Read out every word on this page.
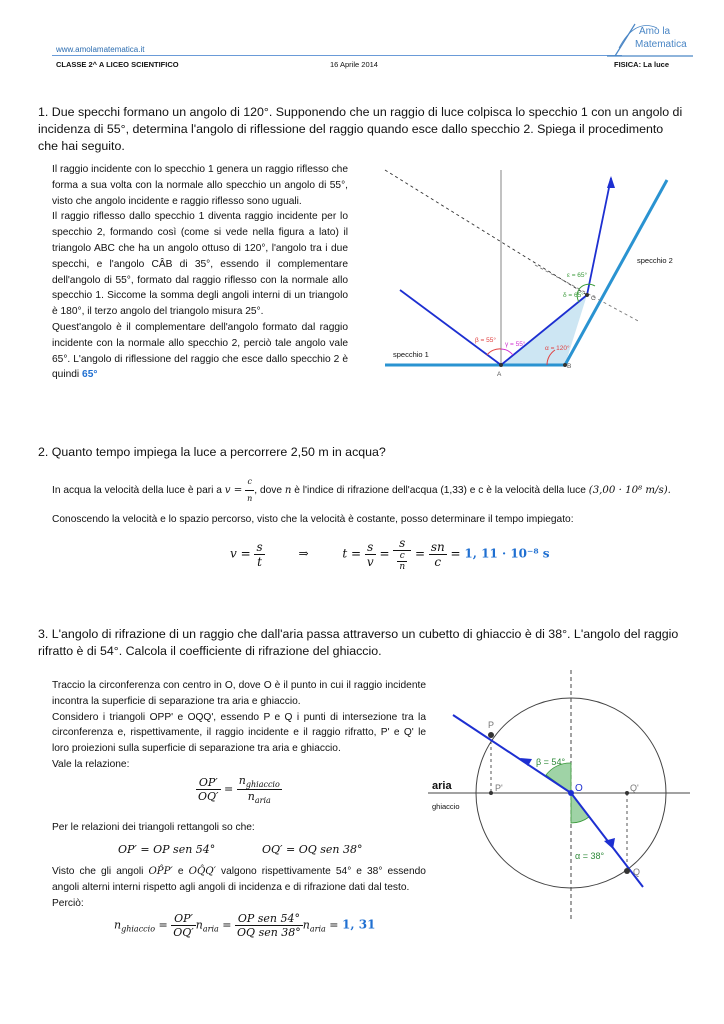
www.amolamatematica.it
Amo la
Matematica
CLASSE 2^ A LICEO SCIENTIFICO	16 Aprile 2014	FISICA: La luce
1. Due specchi formano un angolo di 120°. Supponendo che un raggio di luce colpisca lo specchio 1 con un angolo di incidenza di 55°, determina l'angolo di riflessione del raggio quando esce dallo specchio 2. Spiega il procedimento che hai seguito.
Il raggio incidente con lo specchio 1 genera un raggio riflesso che forma a sua volta con la normale allo specchio un angolo di 55°, visto che angolo incidente e raggio riflesso sono uguali.
Il raggio riflesso dallo specchio 1 diventa raggio incidente per lo specchio 2, formando così (come si vede nella figura a lato) il triangolo ABC che ha un angolo ottuso di 120°, l'angolo tra i due specchi, e l'angolo CÂB di 35°, essendo il complementare dell'angolo di 55°, formato dal raggio riflesso con la normale allo specchio 1. Siccome la somma degli angoli interni di un triangolo è 180°, il terzo angolo del triangolo misura 25°.
Quest'angolo è il complementare dell'angolo formato dal raggio incidente con la normale allo specchio 2, perciò tale angolo vale 65°. L'angolo di riflessione del raggio che esce dallo specchio 2 è quindi 65°
specchio 1
specchio 2
β = 55°
γ = 55°
α = 120°
ε = 65°
δ = 65°
A
B
C
2. Quanto tempo impiega la luce a percorrere 2,50 m in acqua?
In acqua la velocità della luce è pari a $v = \frac{c}{n}$ , dove n è l'indice di rifrazione dell'acqua (1,33) e c è la velocità della luce (3,00 · 10⁸ m/s).
Conoscendo la velocità e lo spazio percorso, visto che la velocità è costante, posso determinare il tempo impiegato:
$v = \frac{s}{t}$	⇒	$t = \frac{s}{v} = s$
c
$n = \frac{sn}{c} = 1$, 11 · 10⁻⁸ s
3. L'angolo di rifrazione di un raggio che dall'aria passa attraverso un cubetto di ghiaccio è di 38°. L'angolo del raggio rifratto è di 54°. Calcola il coefficiente di rifrazione del ghiaccio.
Traccio la circonferenza con centro in O, dove O è il punto in cui il raggio incidente incontra la superficie di separazione tra aria e ghiaccio.
Considero i triangoli OPP' e OQQ', essendo P e Q i punti di intersezione tra la circonferenza e, rispettivamente, il raggio incidente e il raggio rifratto, P' e Q' le loro proiezioni sulla superficie di separazione tra aria e ghiaccio.
Vale la relazione:
$\frac{OP'}{OQ'} = \frac{n_{ghiaccio}}{n_{aria}}$
Per le relazioni dei triangoli rettangoli so che:
OP′ = OP sen 54°	OQ′ = OQ sen 38°
Visto che gli angoli OP̂P′ e OQ̂Q′ valgono rispettivamente 54° e 38° essendo angoli alterni interni rispetto agli angoli di incidenza e di rifrazione dati dal testo.
Perciò:
$n_{ghiaccio} = \frac{OP'}{OQ'} n_{aria} = \frac{\text{OP sen 54°}}{\text{OQ sen 38°}} n_{aria} = 1$, 31
aria
ghiaccio
P
P'	O	Q'
Q
β = 54°
α = 38°
